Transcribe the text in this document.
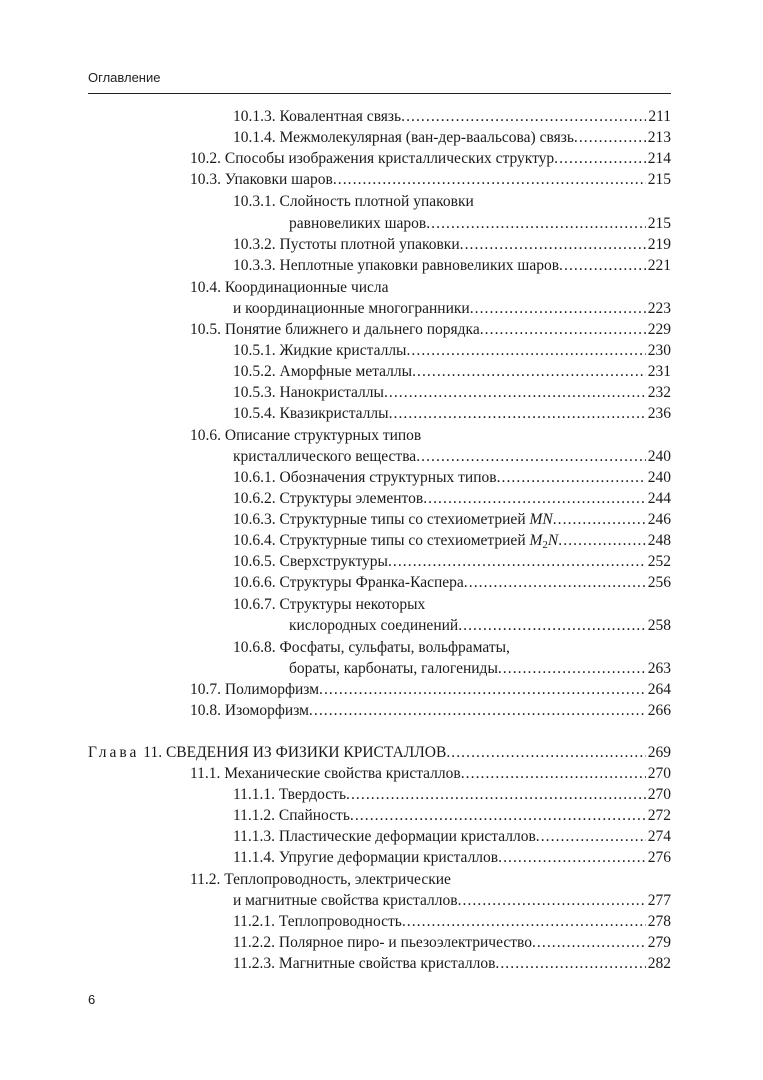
Оглавление
10.1.3. Ковалентная связь . . .	211
10.1.4. Межмолекулярная (ван-дер-ваальсова) связь . . .	213
10.2. Способы изображения кристаллических структур . . .	214
10.3. Упаковки шаров . . .	215
10.3.1. Слойность плотной упаковки
равновеликих шаров . . .	215
10.3.2. Пустоты плотной упаковки . . .	219
10.3.3. Неплотные упаковки равновеликих шаров . . .	221
10.4. Координационные числа
и координационные многогранники . . .	223
10.5. Понятие ближнего и дальнего порядка . . .	229
10.5.1. Жидкие кристаллы . . .	230
10.5.2. Аморфные металлы . . .	231
10.5.3. Нанокристаллы . . .	232
10.5.4. Квазикристаллы . . .	236
10.6. Описание структурных типов
кристаллического вещества . . .	240
10.6.1. Обозначения структурных типов . . .	240
10.6.2. Структуры элементов . . .	244
10.6.3. Структурные типы со стехиометрией MN . . .	246
10.6.4. Структурные типы со стехиометрией $M_2N$ . . .	248
10.6.5. Сверхструктуры . . .	252
10.6.6. Структуры Франка-Каспера . . .	256
10.6.7. Структуры некоторых
кислородных соединений . . .	258
10.6.8. Фосфаты, сульфаты, вольфраматы,
бораты, карбонаты, галогениды . . .	263
10.7. Полиморфизм . . .	264
10.8. Изоморфизм . . .	266
Глава 11. СВЕДЕНИЯ ИЗ ФИЗИКИ КРИСТАЛЛОВ . . .	269
11.1. Механические свойства кристаллов . . .	270
11.1.1. Твердость . . .	270
11.1.2. Спайность . . .	272
11.1.3. Пластические деформации кристаллов . . .	274
11.1.4. Упругие деформации кристаллов . . .	276
11.2. Теплопроводность, электрические
и магнитные свойства кристаллов . . .	277
11.2.1. Теплопроводность . . .	278
11.2.2. Полярное пиро- и пьезоэлектричество . . .	279
11.2.3. Магнитные свойства кристаллов . . .	282
6
